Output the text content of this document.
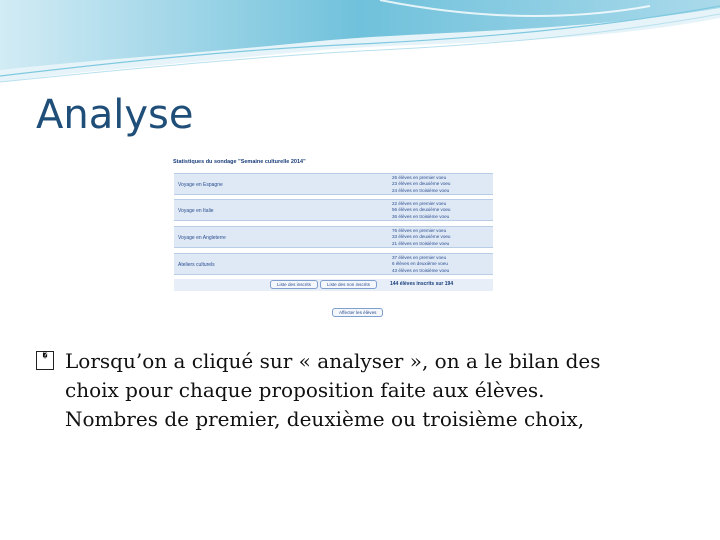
Analyse
Statistiques du sondage "Semaine culturelle 2014"
Voyage en Espagne
26 élèves en premier voeu
23 élèves en deuxième voeu
24 élèves en troisième voeu
Voyage en Italie
22 élèves en premier voeu
56 élèves en deuxième voeu
36 élèves en troisième voeu
Voyage en Angleterre
76 élèves en premier voeu
33 élèves en deuxième voeu
21 élèves en troisième voeu
Ateliers culturels
37 élèves en premier voeu
6 élèves en deuxième voeu
43 élèves en troisième voeu
Liste des inscrits	Liste des non inscrits	144 élèves inscrits sur 194
Affecter les élèves
� Lorsqu’on a cliqué sur « analyser », on a le bilan des
choix pour chaque proposition faite aux élèves.
Nombres de premier, deuxième ou troisième choix,
